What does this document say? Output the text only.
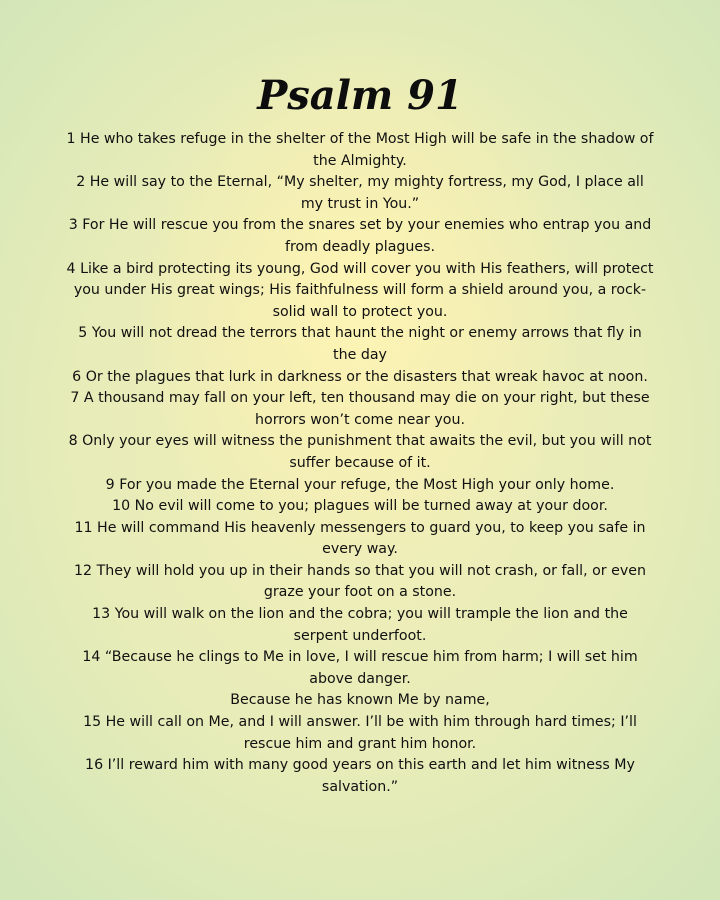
Psalm 91

1 He who takes refuge in the shelter of the Most High will be safe in the shadow of the Almighty.

2 He will say to the Eternal, “My shelter, my mighty fortress, my God, I place all my trust in You.”

3 For He will rescue you from the snares set by your enemies who entrap you and from deadly plagues.

4 Like a bird protecting its young, God will cover you with His feathers, will protect you under His great wings; His faithfulness will form a shield around you, a rock-solid wall to protect you.

5 You will not dread the terrors that haunt the night or enemy arrows that fly in the day

6 Or the plagues that lurk in darkness or the disasters that wreak havoc at noon.

7 A thousand may fall on your left, ten thousand may die on your right, but these horrors won’t come near you.

8 Only your eyes will witness the punishment that awaits the evil, but you will not suffer because of it.

9 For you made the Eternal your refuge, the Most High your only home.

10 No evil will come to you; plagues will be turned away at your door.

11 He will command His heavenly messengers to guard you, to keep you safe in every way.

12 They will hold you up in their hands so that you will not crash, or fall, or even graze your foot on a stone.

13 You will walk on the lion and the cobra; you will trample the lion and the serpent underfoot.

14 “Because he clings to Me in love, I will rescue him from harm; I will set him above danger.

Because he has known Me by name,

15 He will call on Me, and I will answer. I’ll be with him through hard times; I’ll rescue him and grant him honor.

16 I’ll reward him with many good years on this earth and let him witness My salvation.”
